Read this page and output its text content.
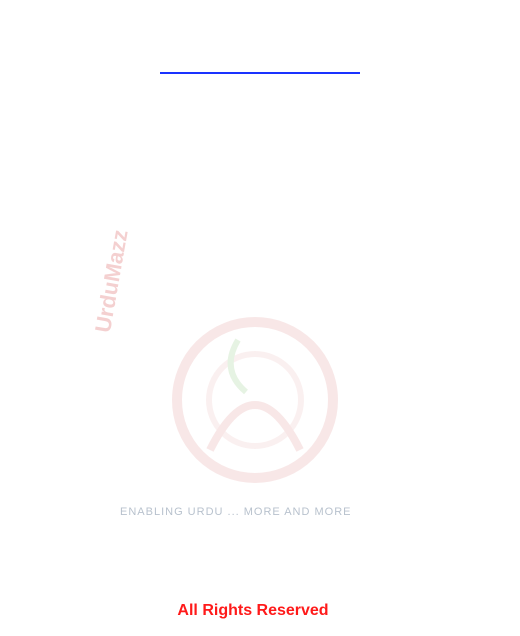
UrduMazz
ENABLING URDU ... MORE AND MORE
All Rights Reserved
